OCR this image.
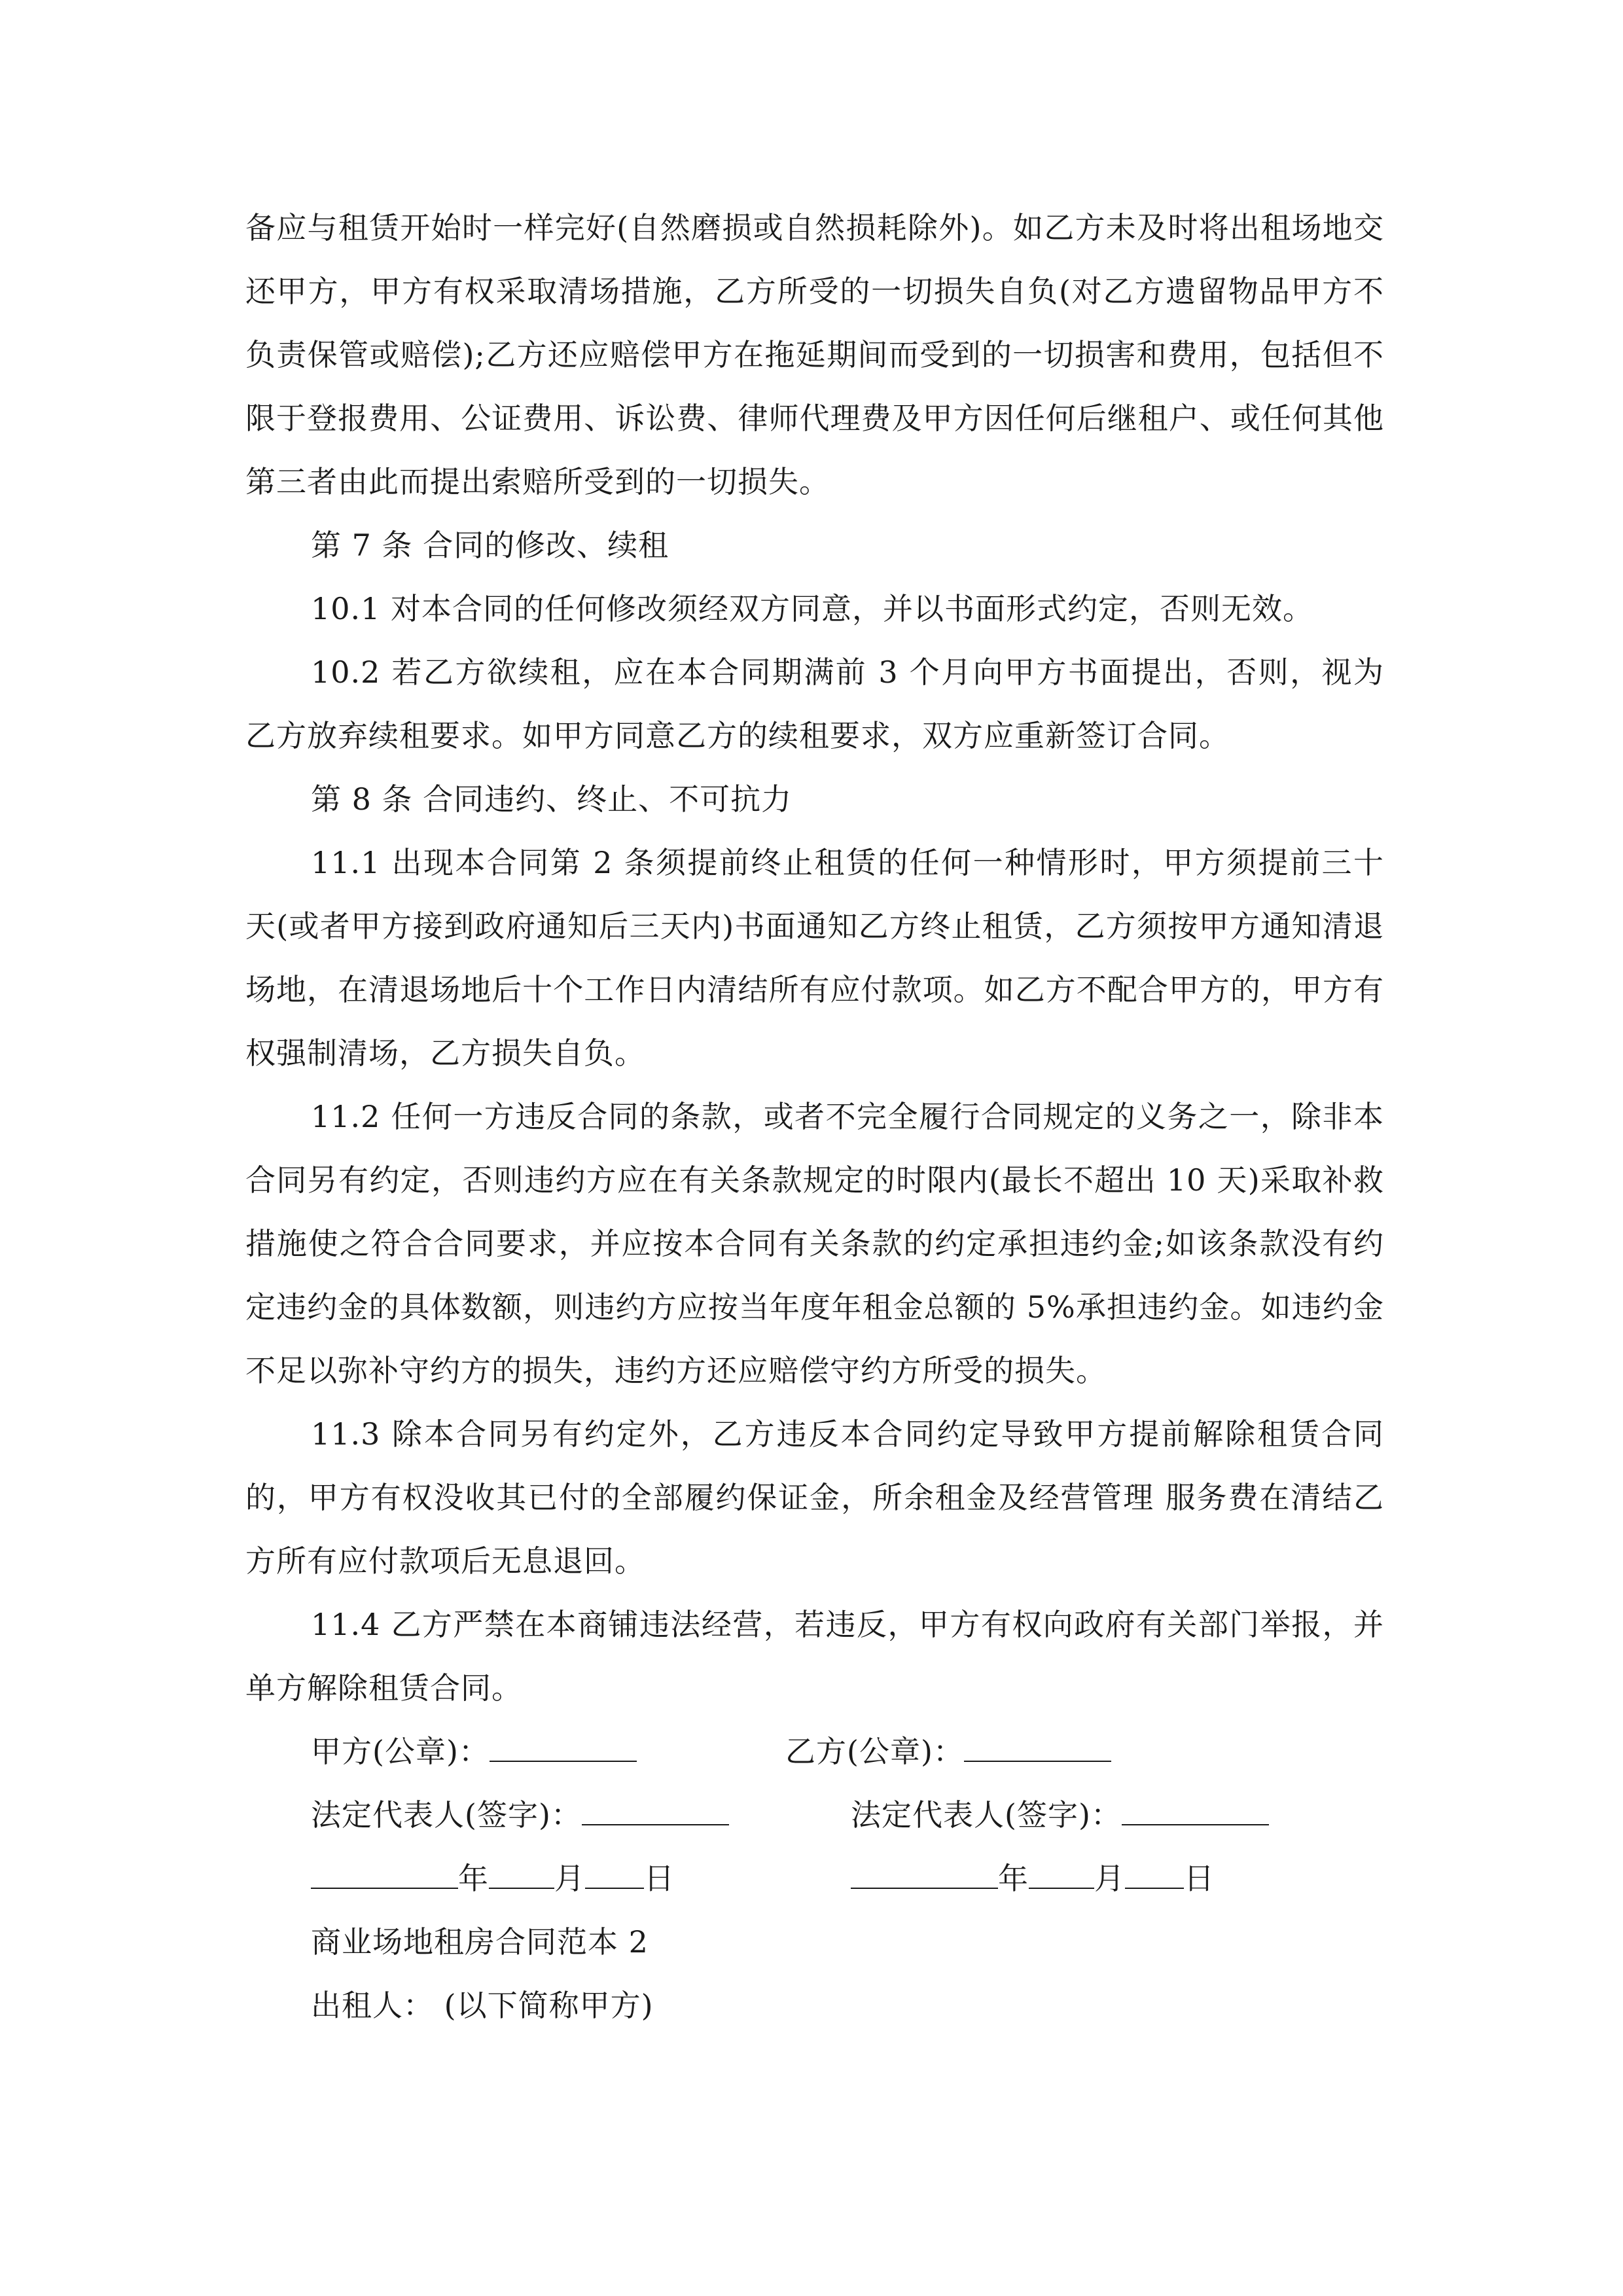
备应与租赁开始时一样完好(自然磨损或自然损耗除外)。如乙方未及时将出租场地交还甲方，甲方有权采取清场措施，乙方所受的一切损失自负(对乙方遗留物品甲方不负责保管或赔偿);乙方还应赔偿甲方在拖延期间而受到的一切损害和费用，包括但不限于登报费用、公证费用、诉讼费、律师代理费及甲方因任何后继租户、或任何其他第三者由此而提出索赔所受到的一切损失。

第 7 条 合同的修改、续租

10.1 对本合同的任何修改须经双方同意，并以书面形式约定，否则无效。

10.2 若乙方欲续租，应在本合同期满前 3 个月向甲方书面提出，否则，视为乙方放弃续租要求。如甲方同意乙方的续租要求，双方应重新签订合同。

第 8 条 合同违约、终止、不可抗力

11.1 出现本合同第 2 条须提前终止租赁的任何一种情形时，甲方须提前三十天(或者甲方接到政府通知后三天内)书面通知乙方终止租赁，乙方须按甲方通知清退场地，在清退场地后十个工作日内清结所有应付款项。如乙方不配合甲方的，甲方有权强制清场，乙方损失自负。

11.2 任何一方违反合同的条款，或者不完全履行合同规定的义务之一，除非本合同另有约定，否则违约方应在有关条款规定的时限内(最长不超出 10 天)采取补救措施使之符合合同要求，并应按本合同有关条款的约定承担违约金;如该条款没有约定违约金的具体数额，则违约方应按当年度年租金总额的 5%承担违约金。如违约金不足以弥补守约方的损失，违约方还应赔偿守约方所受的损失。

11.3 除本合同另有约定外，乙方违反本合同约定导致甲方提前解除租赁合同的，甲方有权没收其已付的全部履约保证金，所余租金及经营管理 服务费在清结乙方所有应付款项后无息退回。

11.4 乙方严禁在本商铺违法经营，若违反，甲方有权向政府有关部门举报，并单方解除租赁合同。

甲方(公章)：	乙方(公章)：
法定代表人(签字)：	法定代表人(签字)：
年 月 日	年 月 日

商业场地租房合同范本 2

出租人： (以下简称甲方)
